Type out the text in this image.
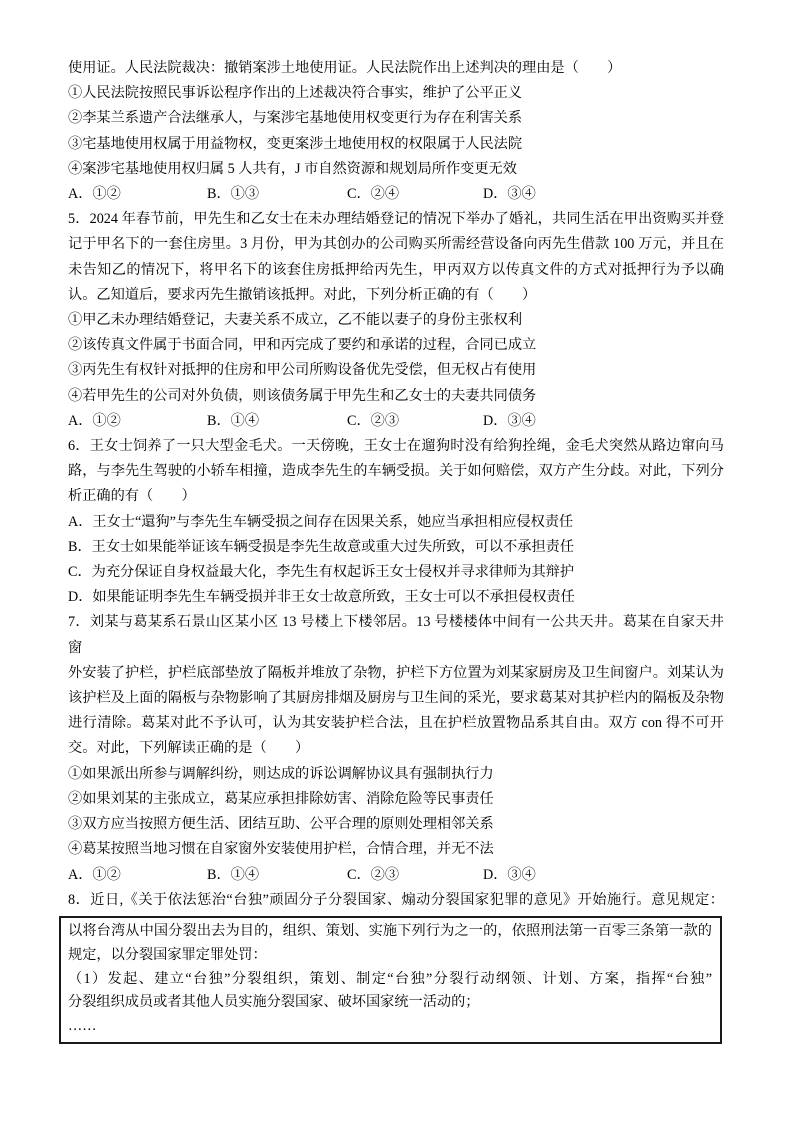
使用证。人民法院裁决：撤销案涉土地使用证。人民法院作出上述判决的理由是（　　）
①人民法院按照民事诉讼程序作出的上述裁决符合事实，维护了公平正义
②李某兰系遗产合法继承人，与案涉宅基地使用权变更行为存在利害关系
③宅基地使用权属于用益物权，变更案涉土地使用权的权限属于人民法院
④案涉宅基地使用权归属 5 人共有，J 市自然资源和规划局所作变更无效
A．①②	B．①③	C．②④	D．③④
5．2024 年春节前，甲先生和乙女士在未办理结婚登记的情况下举办了婚礼，共同生活在甲出资购买并登
记于甲名下的一套住房里。3 月份，甲为其创办的公司购买所需经营设备向丙先生借款 100 万元，并且在
未告知乙的情况下，将甲名下的该套住房抵押给丙先生，甲丙双方以传真文件的方式对抵押行为予以确
认。乙知道后，要求丙先生撤销该抵押。对此，下列分析正确的有（　　）
①甲乙未办理结婚登记，夫妻关系不成立，乙不能以妻子的身份主张权利
②该传真文件属于书面合同，甲和丙完成了要约和承诺的过程，合同已成立
③丙先生有权针对抵押的住房和甲公司所购设备优先受偿，但无权占有使用
④若甲先生的公司对外负债，则该债务属于甲先生和乙女士的夫妻共同债务
A．①②	B．①④	C．②③	D．③④
6．王女士饲养了一只大型金毛犬。一天傍晚，王女士在遛狗时没有给狗拴绳，金毛犬突然从路边窜向马
路，与李先生驾驶的小轿车相撞，造成李先生的车辆受损。关于如何赔偿，双方产生分歧。对此，下列分
析正确的有（　　）
A．王女士“還狗”与李先生车辆受损之间存在因果关系，她应当承担相应侵权责任
B．王女士如果能举证该车辆受损是李先生故意或重大过失所致，可以不承担责任
C．为充分保证自身权益最大化，李先生有权起诉王女士侵权并寻求律师为其辩护
D．如果能证明李先生车辆受损并非王女士故意所致，王女士可以不承担侵权责任
7．刘某与葛某系石景山区某小区 13 号楼上下楼邻居。13 号楼楼体中间有一公共天井。葛某在自家天井窗
外安装了护栏，护栏底部垫放了隔板并堆放了杂物，护栏下方位置为刘某家厨房及卫生间窗户。刘某认为
该护栏及上面的隔板与杂物影响了其厨房排烟及厨房与卫生间的采光，要求葛某对其护栏内的隔板及杂物
进行清除。葛某对此不予认可，认为其安装护栏合法，且在护栏放置物品系其自由。双方 con 得不可开
交。对此，下列解读正确的是（　　）
①如果派出所参与调解纠纷，则达成的诉讼调解协议具有强制执行力
②如果刘某的主张成立，葛某应承担排除妨害、消除危险等民事责任
③双方应当按照方便生活、团结互助、公平合理的原则处理相邻关系
④葛某按照当地习惯在自家窗外安装使用护栏，合情合理，并无不法
A．①②	B．①④	C．②③	D．③④
8．近日,《关于依法惩治“台独”顽固分子分裂国家、煽动分裂国家犯罪的意见》开始施行。意见规定：
以将台湾从中国分裂出去为目的，组织、策划、实施下列行为之一的，依照刑法第一百零三条第一款的
规定，以分裂国家罪定罪处罚：
（1）发起、建立“台独”分裂组织，策划、制定“台独”分裂行动纲领、计划、方案，指挥“台独”
分裂组织成员或者其他人员实施分裂国家、破坏国家统一活动的；
……
